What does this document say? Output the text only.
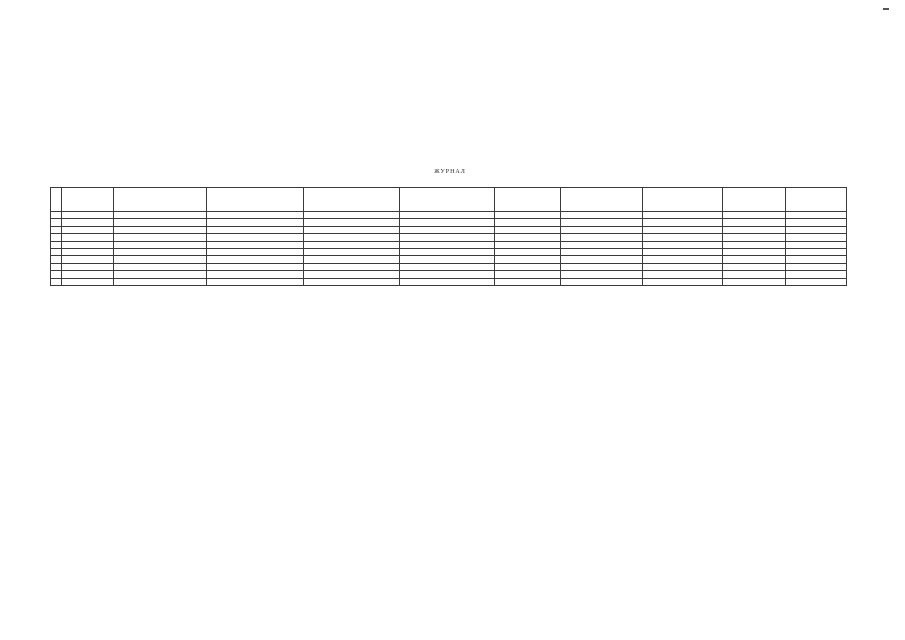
ЖУРНАЛ
